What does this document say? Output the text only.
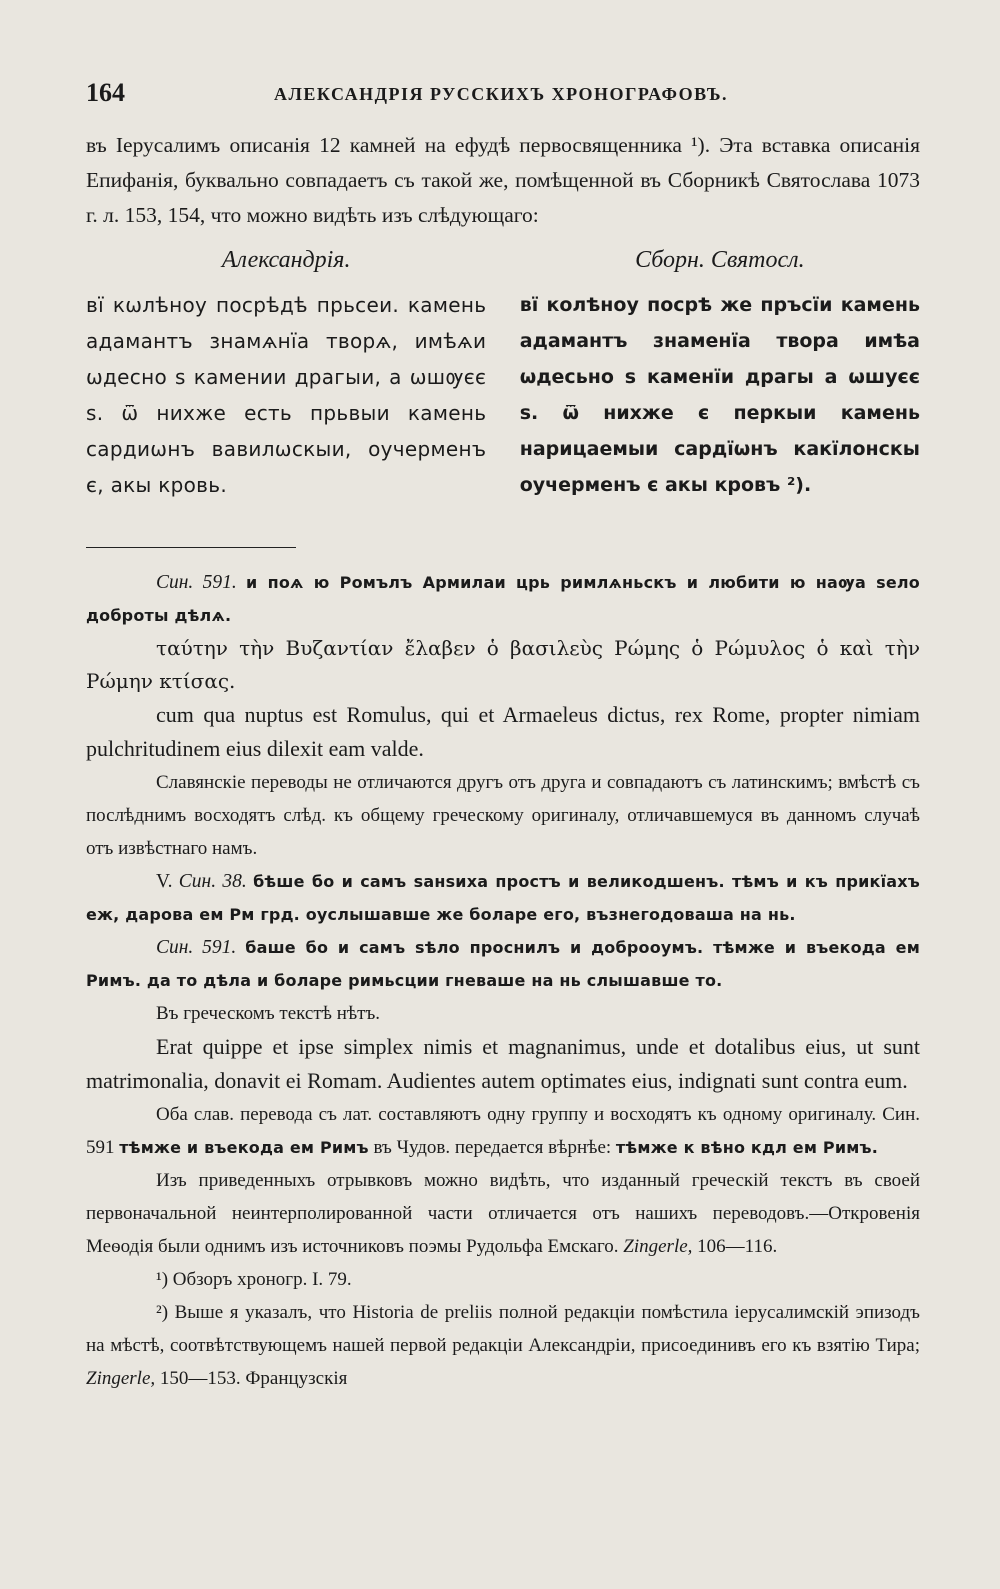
164	АЛЕКСАНДРІЯ РУССКИХЪ ХРОНОГРАФОВЪ.

въ Іерусалимъ описанія 12 камней на ефудѣ первосвященника ¹). Эта вставка описанія Епифанія, буквально совпадаетъ съ такой же, помѣщенной въ Сборникѣ Святослава 1073 г. л. 153, 154, что можно видѣть изъ слѣдующаго:

Александрія.
вї кѡлѣноу посрѣдѣ прьсеи. камень адамантъ знамѧнїа творѧ, имѣѧи ѡдесно ѕ камении драгыи, а ѡшѹєє ѕ. ѿ нихже есть прьвыи камень сардиѡнъ вавилѡскыи, оучерменъ є, акы кровь.
Сборн. Святосл.
вї колѣноу посрѣ же пръсїи камень адамантъ знаменїа твора имѣа ѡдесьно ѕ каменїи драгы а ѡшуєє ѕ. ѿ нихже є перкыи камень нарицаемыи сардїѡнъ какїлонскы оучерменъ є акы кровъ ²).

Син. 591. и поѧ ю Ромълъ Армилаи црь римлѧньскъ и любити ю наѹа ѕело доброты дѣлѧ.

ταύτην τὴν Βυζαντίαν ἔλαβεν ὁ βασιλεὺς Ρώμης ὁ Ρώμυλος ὁ καὶ τὴν Ρώμην κτίσας.

cum qua nuptus est Romulus, qui et Armaeleus dictus, rex Rome, propter nimiam pulchritudinem eius dilexit eam valde.

Славянскіе переводы не отличаются другъ отъ друга и совпадаютъ съ латинскимъ; вмѣстѣ съ послѣднимъ восходятъ слѣд. къ общему греческому оригиналу, отличавшемуся въ данномъ случаѣ отъ извѣстнаго намъ.

V. Син. 38. бѣше бо и самъ ѕанѕиха простъ и великодшенъ. тѣмъ и къ прикїахъ еж, дарова ем Рм грд. оуслышавше же боларе его, възнегодоваша на нь.

Син. 591. баше бо и самъ ѕѣло проснилъ и доброоумъ. тѣмже и въекода ем Римъ. да то дѣла и боларе римьсции гневаше на нь слышавше то.

Въ греческомъ текстѣ нѣтъ.

Erat quippe et ipse simplex nimis et magnanimus, unde et dotalibus eius, ut sunt matrimonalia, donavit ei Romam. Audientes autem optimates eius, indignati sunt contra eum.

Оба слав. перевода съ лат. составляютъ одну группу и восходятъ къ одному оригиналу. Син. 591 тѣмже и въекода ем Римъ въ Чудов. передается вѣрнѣе: тѣмже к вѣно кдл ем Римъ.

Изъ приведенныхъ отрывковъ можно видѣть, что изданный греческій текстъ въ своей первоначальной неинтерполированной части отличается отъ нашихъ переводовъ.—Откровенія Меѳодія были однимъ изъ источниковъ поэмы Рудольфа Емскаго. Zingerle, 106—116.

¹) Обзоръ хроногр. I. 79.

²) Выше я указалъ, что Historia de preliis полной редакціи помѣстила іерусалимскій эпизодъ на мѣстѣ, соотвѣтствующемъ нашей первой редакціи Александріи, присоединивъ его къ взятію Тира; Zingerle, 150—153. Французскія
